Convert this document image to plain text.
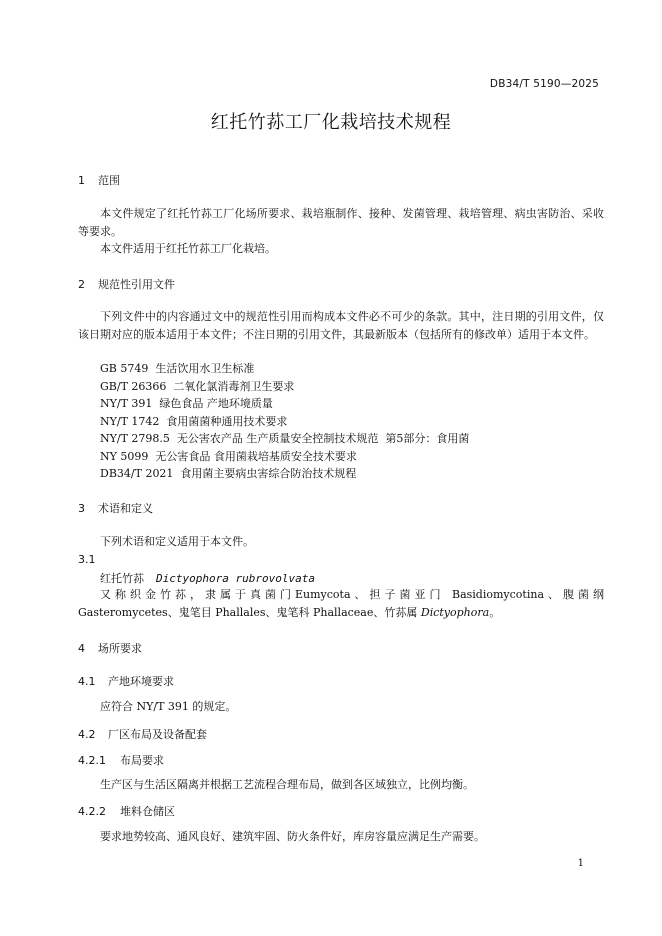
DB34/T 5190—2025
红托竹荪工厂化栽培技术规程
1 范围
本文件规定了红托竹荪工厂化场所要求、栽培瓶制作、接种、发菌管理、栽培管理、病虫害防治、采收等要求。
本文件适用于红托竹荪工厂化栽培。
2 规范性引用文件
下列文件中的内容通过文中的规范性引用而构成本文件必不可少的条款。其中，注日期的引用文件，仅该日期对应的版本适用于本文件；不注日期的引用文件，其最新版本（包括所有的修改单）适用于本文件。
GB 5749  生活饮用水卫生标准
GB/T 26366  二氧化氯消毒剂卫生要求
NY/T 391  绿色食品 产地环境质量
NY/T 1742  食用菌菌种通用技术要求
NY/T 2798.5  无公害农产品 生产质量安全控制技术规范  第5部分：食用菌
NY 5099  无公害食品 食用菌栽培基质安全技术要求
DB34/T 2021  食用菌主要病虫害综合防治技术规程
3 术语和定义
下列术语和定义适用于本文件。
3.1
红托竹荪 Dictyophora rubrovolvata
又称织金竹荪，隶属于真菌门Eumycota、担子菌亚门 Basidiomycotina、腹菌纲 Gasteromycetes、鬼笔目 Phallales、鬼笔科 Phallaceae、竹荪属 Dictyophora。
4 场所要求
4.1 产地环境要求
应符合 NY/T 391 的规定。
4.2 厂区布局及设备配套
4.2.1 布局要求
生产区与生活区隔离并根据工艺流程合理布局，做到各区域独立，比例均衡。
4.2.2 堆料仓储区
要求地势较高、通风良好、建筑牢固、防火条件好，库房容量应满足生产需要。
1
